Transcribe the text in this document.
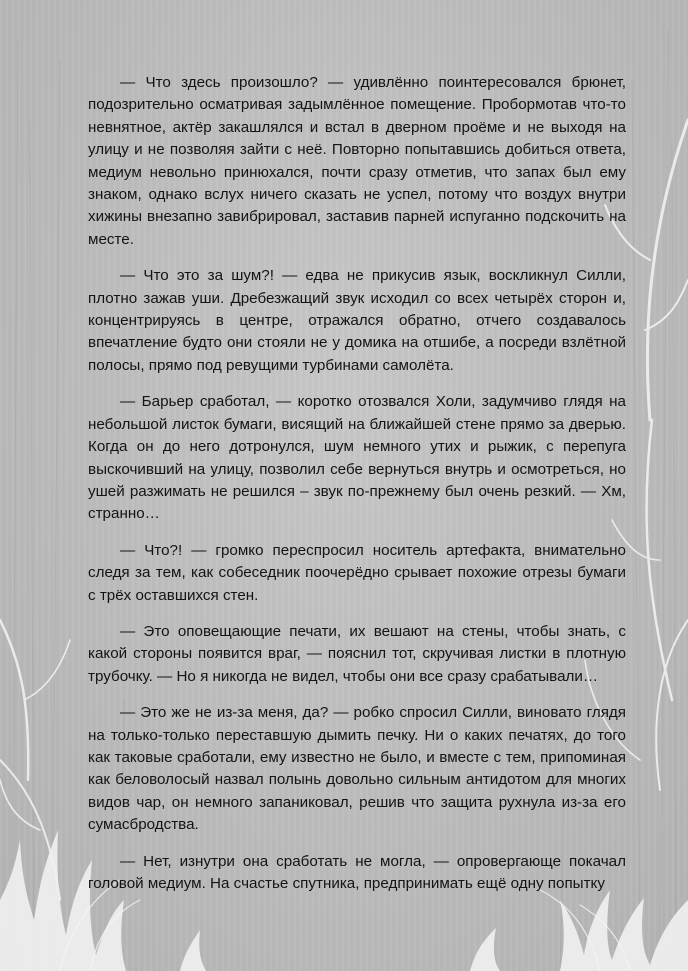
— Что здесь произошло? — удивлённо поинтересовался брюнет, подозрительно осматривая задымлённое помещение. Пробормотав что-то невнятное, актёр закашлялся и встал в дверном проёме и не выходя на улицу и не позволяя зайти с неё. Повторно попытавшись добиться ответа, медиум невольно принюхался, почти сразу отметив, что запах был ему знаком, однако вслух ничего сказать не успел, потому что воздух внутри хижины внезапно завибрировал, заставив парней испуганно подскочить на месте.

— Что это за шум?! — едва не прикусив язык, воскликнул Силли, плотно зажав уши. Дребезжащий звук исходил со всех четырёх сторон и, концентрируясь в центре, отражался обратно, отчего создавалось впечатление будто они стояли не у домика на отшибе, а посреди взлётной полосы, прямо под ревущими турбинами самолёта.

— Барьер сработал, — коротко отозвался Холи, задумчиво глядя на небольшой листок бумаги, висящий на ближайшей стене прямо за дверью. Когда он до него дотронулся, шум немного утих и рыжик, с перепуга выскочивший на улицу, позволил себе вернуться внутрь и осмотреться, но ушей разжимать не решился – звук по-прежнему был очень резкий. — Хм, странно…

— Что?! — громко переспросил носитель артефакта, внимательно следя за тем, как собеседник поочерёдно срывает похожие отрезы бумаги с трёх оставшихся стен.

— Это оповещающие печати, их вешают на стены, чтобы знать, с какой стороны появится враг, — пояснил тот, скручивая листки в плотную трубочку. — Но я никогда не видел, чтобы они все сразу срабатывали…

— Это же не из-за меня, да? — робко спросил Силли, виновато глядя на только-только переставшую дымить печку. Ни о каких печатях, до того как таковые сработали, ему известно не было, и вместе с тем, припоминая как беловолосый назвал полынь довольно сильным антидотом для многих видов чар, он немного запаниковал, решив что защита рухнула из-за его сумасбродства.

— Нет, изнутри она сработать не могла, — опровергающе покачал головой медиум. На счастье спутника, предпринимать ещё одну попытку
